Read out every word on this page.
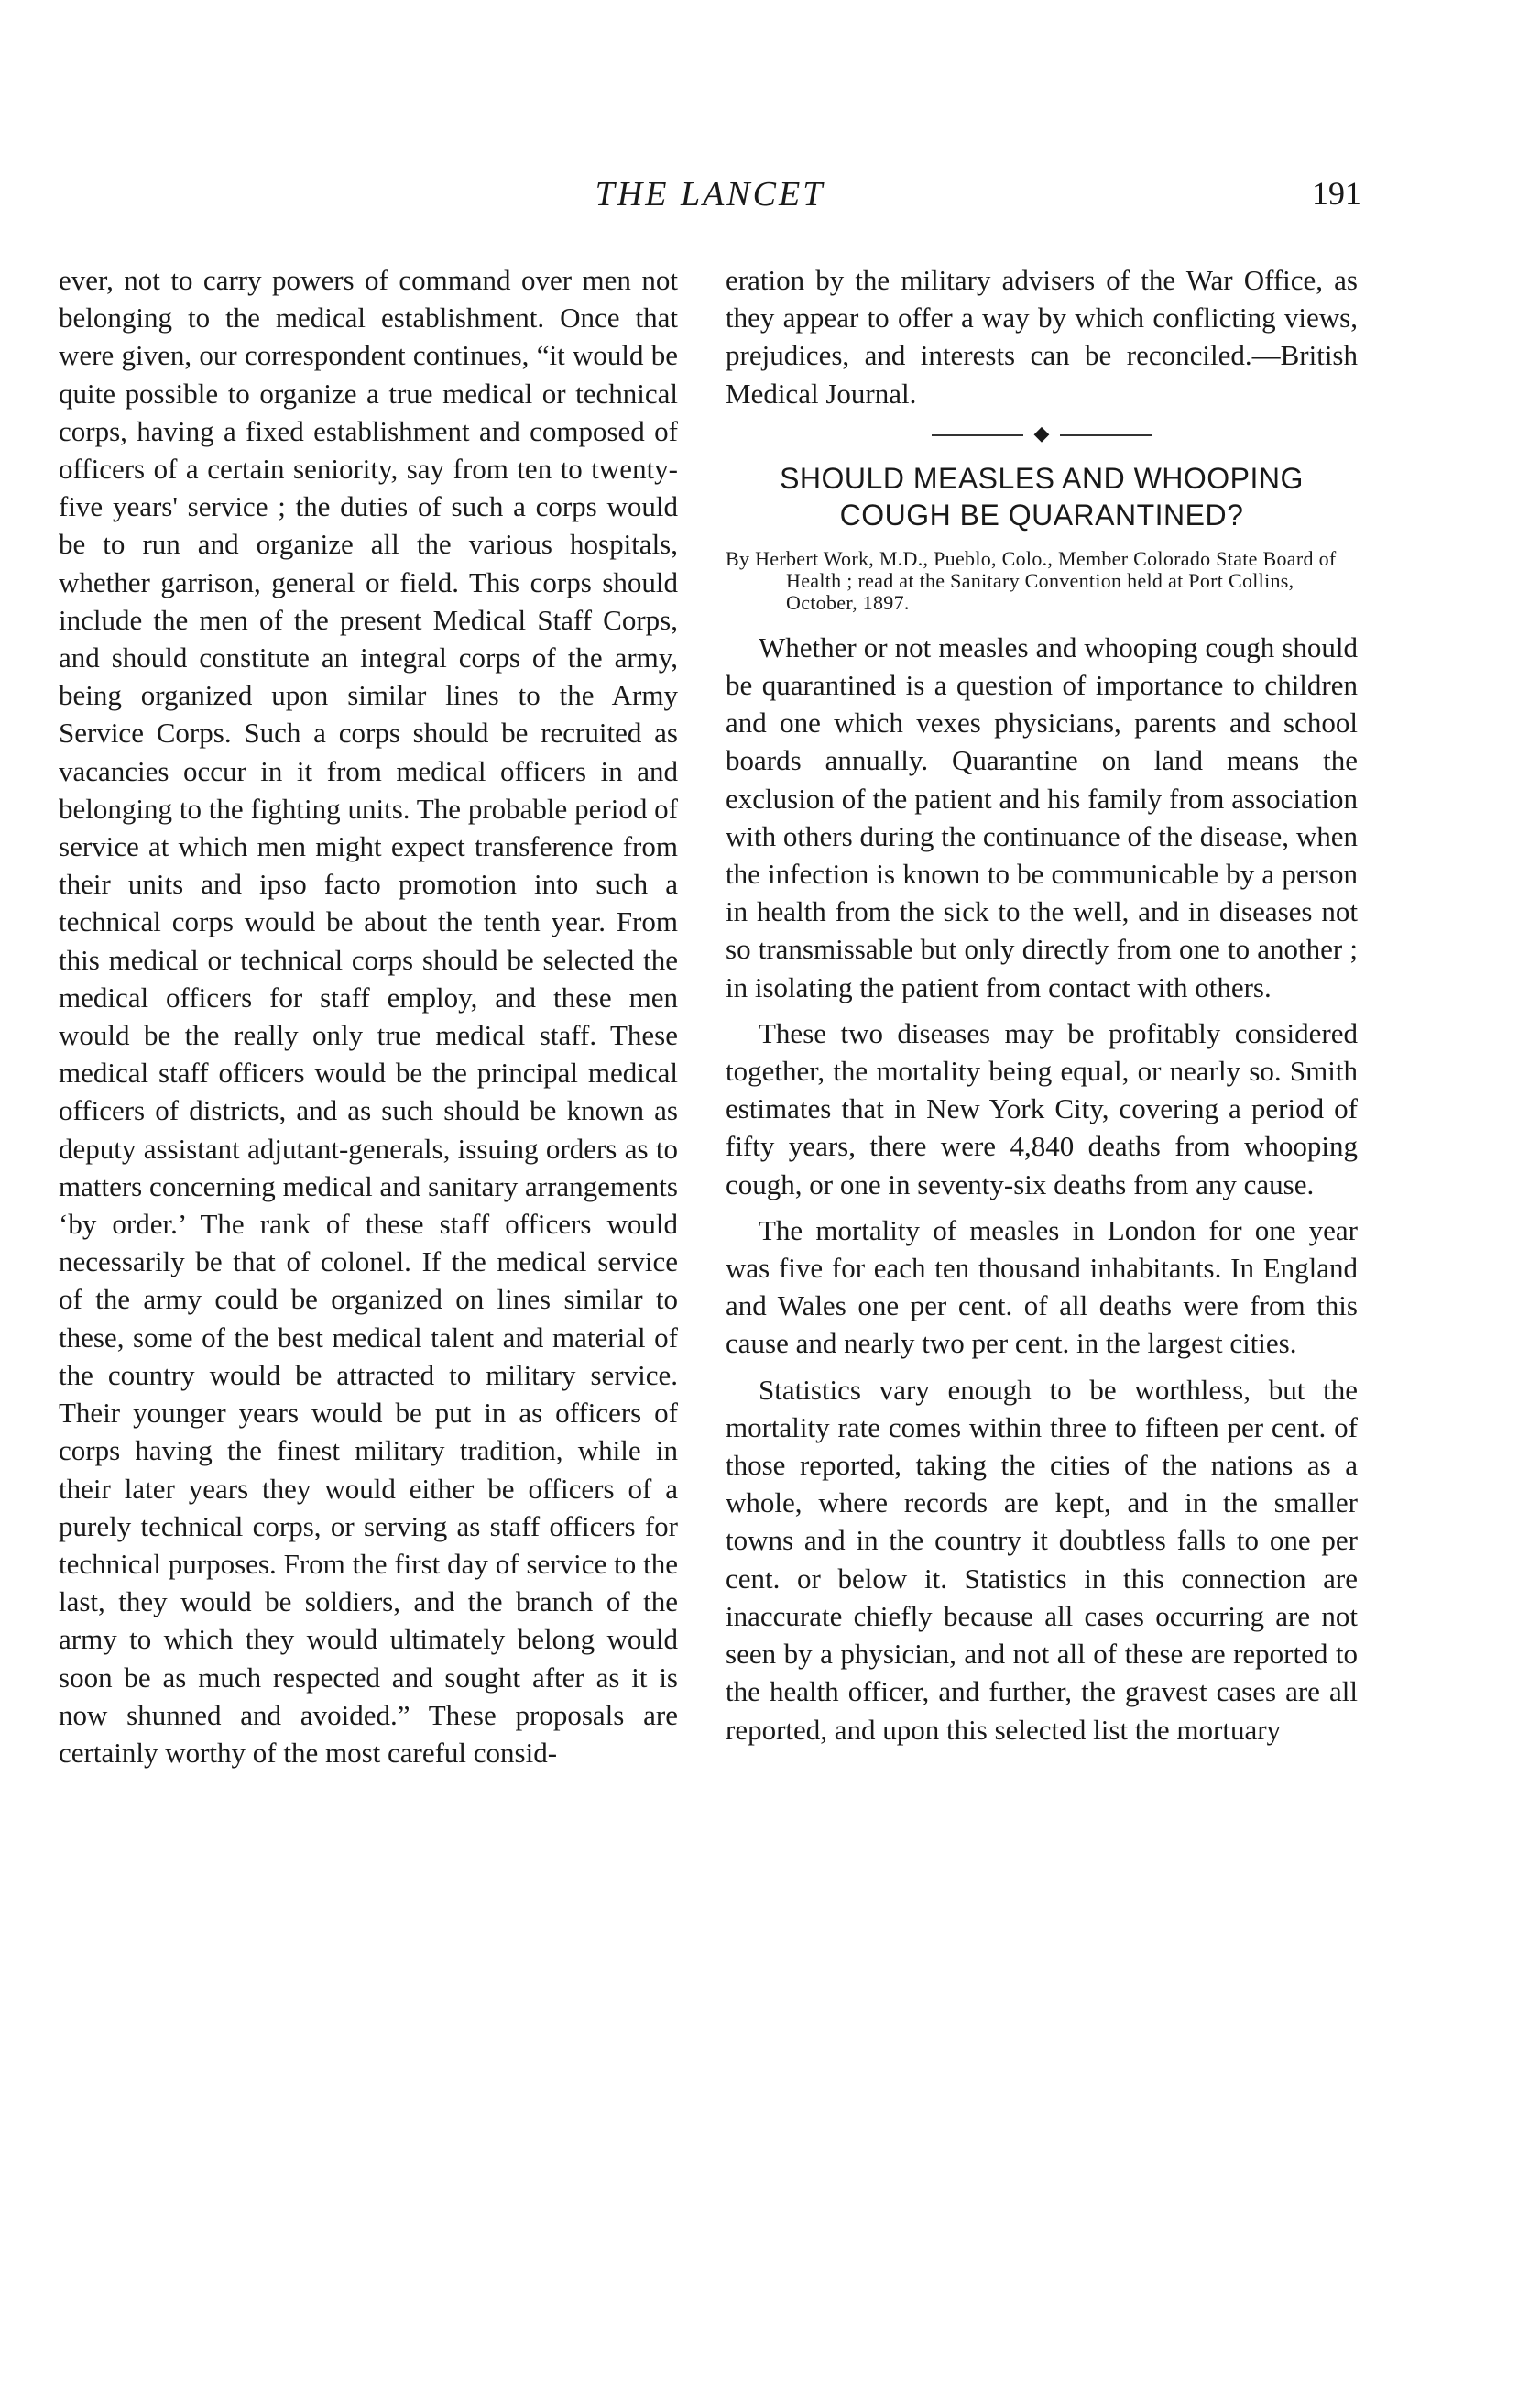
THE LANCET	191

ever, not to carry powers of command over men not belonging to the medical establishment. Once that were given, our correspondent continues, “it would be quite possible to organize a true medical or technical corps, having a fixed establishment and composed of officers of a certain seniority, say from ten to twenty-five years' service ; the duties of such a corps would be to run and organize all the various hospitals, whether garrison, general or field. This corps should include the men of the present Medical Staff Corps, and should constitute an integral corps of the army, being organized upon similar lines to the Army Service Corps. Such a corps should be recruited as vacancies occur in it from medical officers in and belonging to the fighting units. The probable period of service at which men might expect transference from their units and ipso facto promotion into such a technical corps would be about the tenth year. From this medical or technical corps should be selected the medical officers for staff employ, and these men would be the really only true medical staff. These medical staff officers would be the principal medical officers of districts, and as such should be known as deputy assistant adjutant-generals, issuing orders as to matters concerning medical and sanitary arrangements ‘by order.’ The rank of these staff officers would necessarily be that of colonel. If the medical service of the army could be organized on lines similar to these, some of the best medical talent and material of the country would be attracted to military service. Their younger years would be put in as officers of corps having the finest military tradition, while in their later years they would either be officers of a purely technical corps, or serving as staff officers for technical purposes. From the first day of service to the last, they would be soldiers, and the branch of the army to which they would ultimately belong would soon be as much respected and sought after as it is now shunned and avoided.” These proposals are certainly worthy of the most careful consid-

eration by the military advisers of the War Office, as they appear to offer a way by which conflicting views, prejudices, and interests can be reconciled.—British Medical Journal.

◆
SHOULD MEASLES AND WHOOPING COUGH BE QUARANTINED?
By Herbert Work, M.D., Pueblo, Colo., Member Colorado State Board of Health ; read at the Sanitary Convention held at Port Collins, October, 1897.

Whether or not measles and whooping cough should be quarantined is a question of importance to children and one which vexes physicians, parents and school boards annually. Quarantine on land means the exclusion of the patient and his family from association with others during the continuance of the disease, when the infection is known to be communicable by a person in health from the sick to the well, and in diseases not so transmissable but only directly from one to another ; in isolating the patient from contact with others.

These two diseases may be profitably considered together, the mortality being equal, or nearly so. Smith estimates that in New York City, covering a period of fifty years, there were 4,840 deaths from whooping cough, or one in seventy-six deaths from any cause.

The mortality of measles in London for one year was five for each ten thousand inhabitants. In England and Wales one per cent. of all deaths were from this cause and nearly two per cent. in the largest cities.

Statistics vary enough to be worthless, but the mortality rate comes within three to fifteen per cent. of those reported, taking the cities of the nations as a whole, where records are kept, and in the smaller towns and in the country it doubtless falls to one per cent. or below it. Statistics in this connection are inaccurate chiefly because all cases occurring are not seen by a physician, and not all of these are reported to the health officer, and further, the gravest cases are all reported, and upon this selected list the mortuary
